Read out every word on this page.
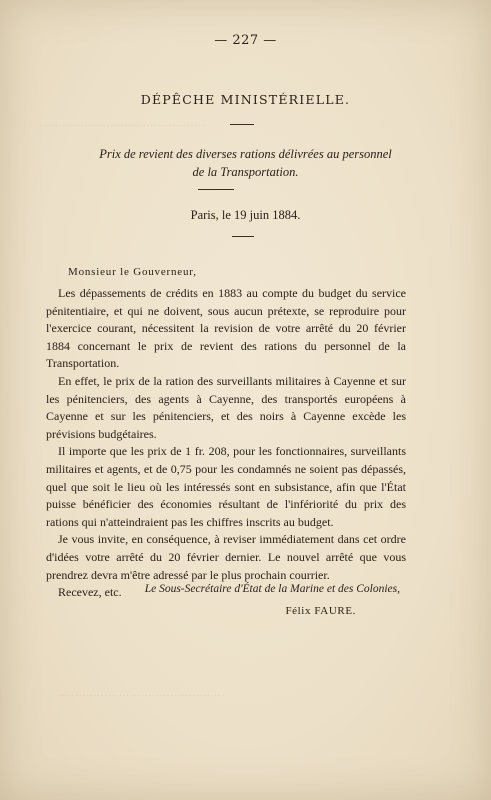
·············································
·············································
— 227 —
DÉPÊCHE MINISTÉRIELLE.
Prix de revient des diverses rations délivrées au personnel
de la Transportation.
Paris, le 19 juin 1884.
Monsieur le Gouverneur,

Les dépassements de crédits en 1883 au compte du budget du service pénitentiaire, et qui ne doivent, sous aucun prétexte, se reproduire pour l'exercice courant, nécessitent la revision de votre arrêté du 20 février 1884 concernant le prix de revient des rations du personnel de la Transportation.

En effet, le prix de la ration des surveillants militaires à Cayenne et sur les pénitenciers, des agents à Cayenne, des transportés européens à Cayenne et sur les pénitenciers, et des noirs à Cayenne excède les prévisions budgétaires.

Il importe que les prix de 1 fr. 208, pour les fonctionnaires, surveillants militaires et agents, et de 0,75 pour les condamnés ne soient pas dépassés, quel que soit le lieu où les intéressés sont en subsistance, afin que l'État puisse bénéficier des économies résultant de l'infériorité du prix des rations qui n'atteindraient pas les chiffres inscrits au budget.

Je vous invite, en conséquence, à reviser immédiatement dans cet ordre d'idées votre arrêté du 20 février dernier. Le nouvel arrêté que vous prendrez devra m'être adressé par le plus prochain courrier.

Recevez, etc.	Le Sous-Secrétaire d'État de la Marine et des Colonies,
Félix FAURE.
